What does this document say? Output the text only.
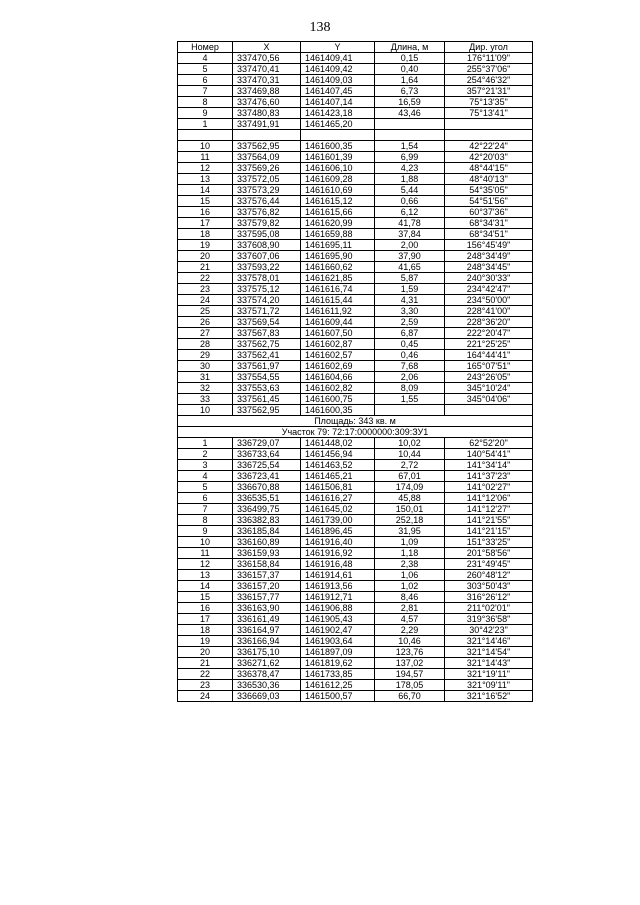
138
Номер	X	Y	Длина, м	Дир. угол
4	337470,56	1461409,41	0,15	176°11'09"
5	337470,41	1461409,42	0,40	255°37'06"
6	337470,31	1461409,03	1,64	254°46'32"
7	337469,88	1461407,45	6,73	357°21'31"
8	337476,60	1461407,14	16,59	75°13'35"
9	337480,83	1461423,18	43,46	75°13'41"
1	337491,91	1461465,20		

10	337562,95	1461600,35	1,54	42°22'24"
11	337564,09	1461601,39	6,99	42°20'03"
12	337569,26	1461606,10	4,23	48°44'15"
13	337572,05	1461609,28	1,88	48°40'13"
14	337573,29	1461610,69	5,44	54°35'05"
15	337576,44	1461615,12	0,66	54°51'56"
16	337576,82	1461615,66	6,12	60°37'36"
17	337579,82	1461620,99	41,78	68°34'31"
18	337595,08	1461659,88	37,84	68°34'51"
19	337608,90	1461695,11	2,00	156°45'49"
20	337607,06	1461695,90	37,90	248°34'49"
21	337593,22	1461660,62	41,65	248°34'45"
22	337578,01	1461621,85	5,87	240°30'33"
23	337575,12	1461616,74	1,59	234°42'47"
24	337574,20	1461615,44	4,31	234°50'00"
25	337571,72	1461611,92	3,30	228°41'00"
26	337569,54	1461609,44	2,59	228°36'20"
27	337567,83	1461607,50	6,87	222°20'47"
28	337562,75	1461602,87	0,45	221°25'25"
29	337562,41	1461602,57	0,46	164°44'41"
30	337561,97	1461602,69	7,68	165°07'51"
31	337554,55	1461604,66	2,06	243°26'05"
32	337553,63	1461602,82	8,09	345°10'24"
33	337561,45	1461600,75	1,55	345°04'06"
10	337562,95	1461600,35		
Площадь: 343 кв. м				
Участок 79: 72:17:0000000:309:ЗУ1				
1	336729,07	1461448,02	10,02	62°52'20"
2	336733,64	1461456,94	10,44	140°54'41"
3	336725,54	1461463,52	2,72	141°34'14"
4	336723,41	1461465,21	67,01	141°37'23"
5	336670,88	1461506,81	174,09	141°02'27"
6	336535,51	1461616,27	45,88	141°12'06"
7	336499,75	1461645,02	150,01	141°12'27"
8	336382,83	1461739,00	252,18	141°21'55"
9	336185,84	1461896,45	31,95	141°21'15"
10	336160,89	1461916,40	1,09	151°33'25"
11	336159,93	1461916,92	1,18	201°58'56"
12	336158,84	1461916,48	2,38	231°49'45"
13	336157,37	1461914,61	1,06	260°48'12"
14	336157,20	1461913,56	1,02	303°50'43"
15	336157,77	1461912,71	8,46	316°26'12"
16	336163,90	1461906,88	2,81	211°02'01"
17	336161,49	1461905,43	4,57	319°36'58"
18	336164,97	1461902,47	2,29	30°42'23"
19	336166,94	1461903,64	10,46	321°14'46"
20	336175,10	1461897,09	123,76	321°14'54"
21	336271,62	1461819,62	137,02	321°14'43"
22	336378,47	1461733,85	194,57	321°19'11"
23	336530,36	1461612,25	178,05	321°09'11"
24	336669,03	1461500,57	66,70	321°16'52"
